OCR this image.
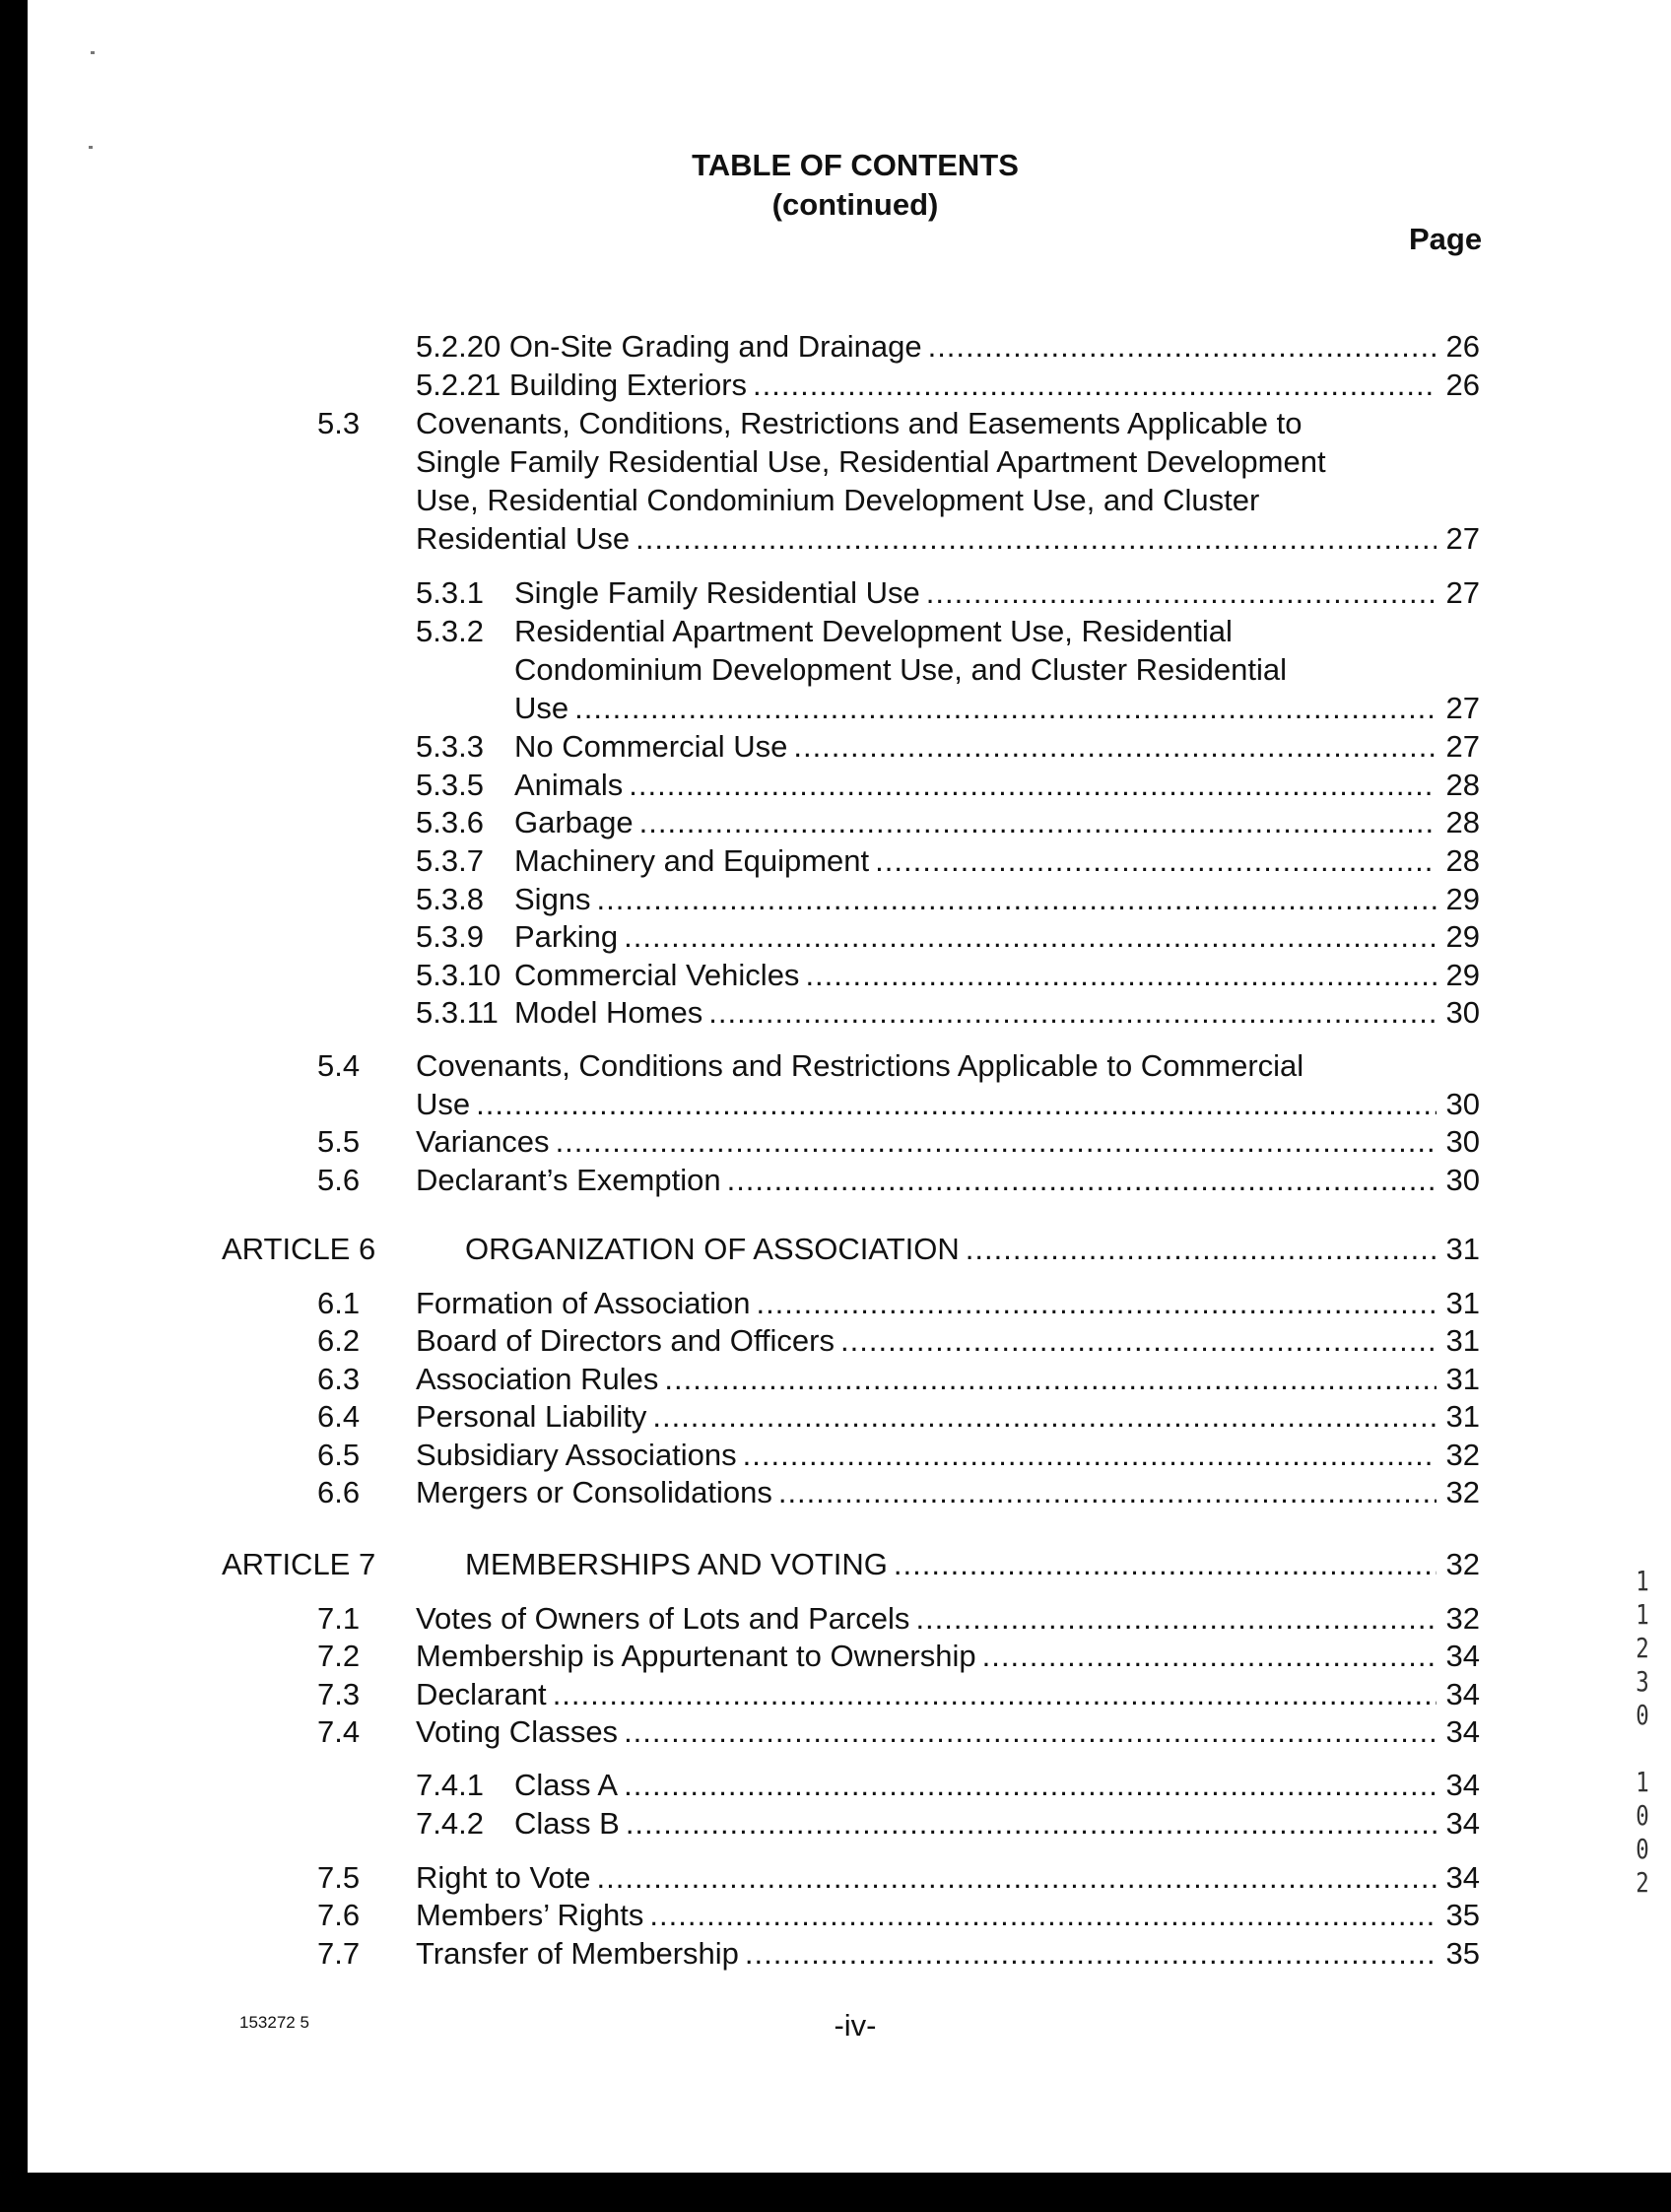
TABLE OF CONTENTS
(continued)
Page
5.2.20 On-Site Grading and Drainage .....	26
5.2.21 Building Exteriors .....	26
5.3 Covenants, Conditions, Restrictions and Easements Applicable to
Single Family Residential Use, Residential Apartment Development
Use, Residential Condominium Development Use, and Cluster
Residential Use .....	27
5.3.1	Single Family Residential Use .....	27
5.3.2 Residential Apartment Development Use, Residential
Condominium Development Use, and Cluster Residential
Use .....	27
5.3.3	No Commercial Use .....	27
5.3.5	Animals .....	28
5.3.6	Garbage .....	28
5.3.7	Machinery and Equipment .....	28
5.3.8	Signs .....	29
5.3.9	Parking .....	29
5.3.10 Commercial Vehicles .....	29
5.3.11 Model Homes .....	30
5.4 Covenants, Conditions and Restrictions Applicable to Commercial
Use .....	30
5.5 Variances .....	30
5.6 Declarant’s Exemption .....	30
ARTICLE 6	ORGANIZATION OF ASSOCIATION .....	31
6.1 Formation of Association .....	31
6.2 Board of Directors and Officers .....	31
6.3 Association Rules .....	31
6.4 Personal Liability .....	31
6.5 Subsidiary Associations .....	32
6.6 Mergers or Consolidations .....	32
ARTICLE 7	MEMBERSHIPS AND VOTING .....	32
7.1 Votes of Owners of Lots and Parcels .....	32
7.2 Membership is Appurtenant to Ownership .....	34
7.3 Declarant .....	34
7.4 Voting Classes .....	34
7.4.1	Class A .....	34
7.4.2	Class B .....	34
7.5 Right to Vote .....	34
7.6 Members’ Rights .....	35
7.7 Transfer of Membership .....	35
153272 5	-iv-
1
1
2
3
0
1
0
0
2
